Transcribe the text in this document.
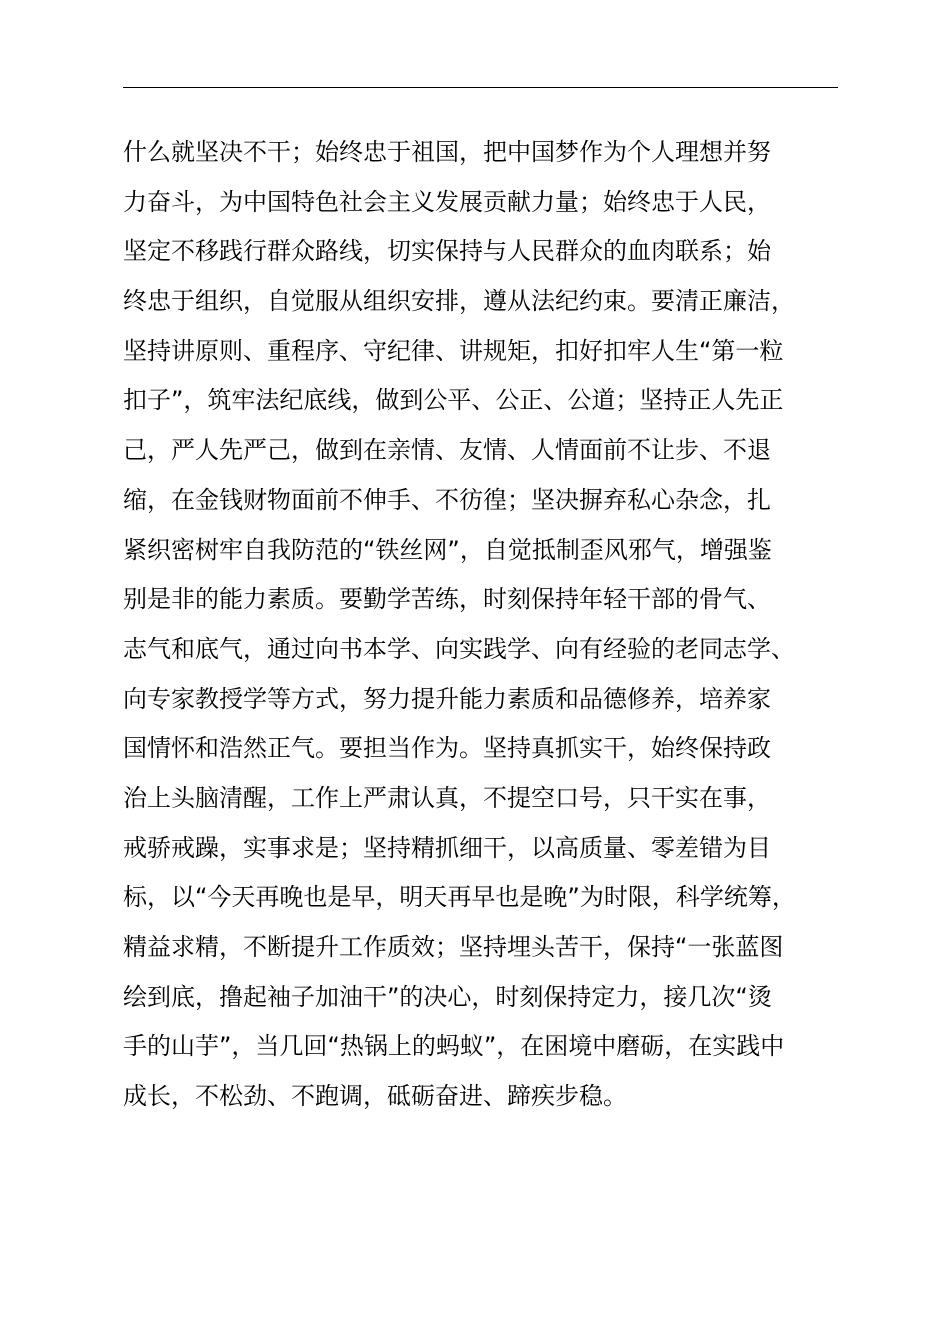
什么就坚决不干；始终忠于祖国，把中国梦作为个人理想并努
力奋斗，为中国特色社会主义发展贡献力量；始终忠于人民，
坚定不移践行群众路线，切实保持与人民群众的血肉联系；始
终忠于组织，自觉服从组织安排，遵从法纪约束。要清正廉洁，
坚持讲原则、重程序、守纪律、讲规矩，扣好扣牢人生“第一粒
扣子”，筑牢法纪底线，做到公平、公正、公道；坚持正人先正
己，严人先严己，做到在亲情、友情、人情面前不让步、不退
缩，在金钱财物面前不伸手、不彷徨；坚决摒弃私心杂念，扎
紧织密树牢自我防范的“铁丝网”，自觉抵制歪风邪气，增强鉴
别是非的能力素质。要勤学苦练，时刻保持年轻干部的骨气、
志气和底气，通过向书本学、向实践学、向有经验的老同志学、
向专家教授学等方式，努力提升能力素质和品德修养，培养家
国情怀和浩然正气。要担当作为。坚持真抓实干，始终保持政
治上头脑清醒，工作上严肃认真，不提空口号，只干实在事，
戒骄戒躁，实事求是；坚持精抓细干，以高质量、零差错为目
标，以“今天再晚也是早，明天再早也是晚”为时限，科学统筹，
精益求精，不断提升工作质效；坚持埋头苦干，保持“一张蓝图
绘到底，撸起袖子加油干”的决心，时刻保持定力，接几次“烫
手的山芋”，当几回“热锅上的蚂蚁”，在困境中磨砺，在实践中
成长，不松劲、不跑调，砥砺奋进、蹄疾步稳。
